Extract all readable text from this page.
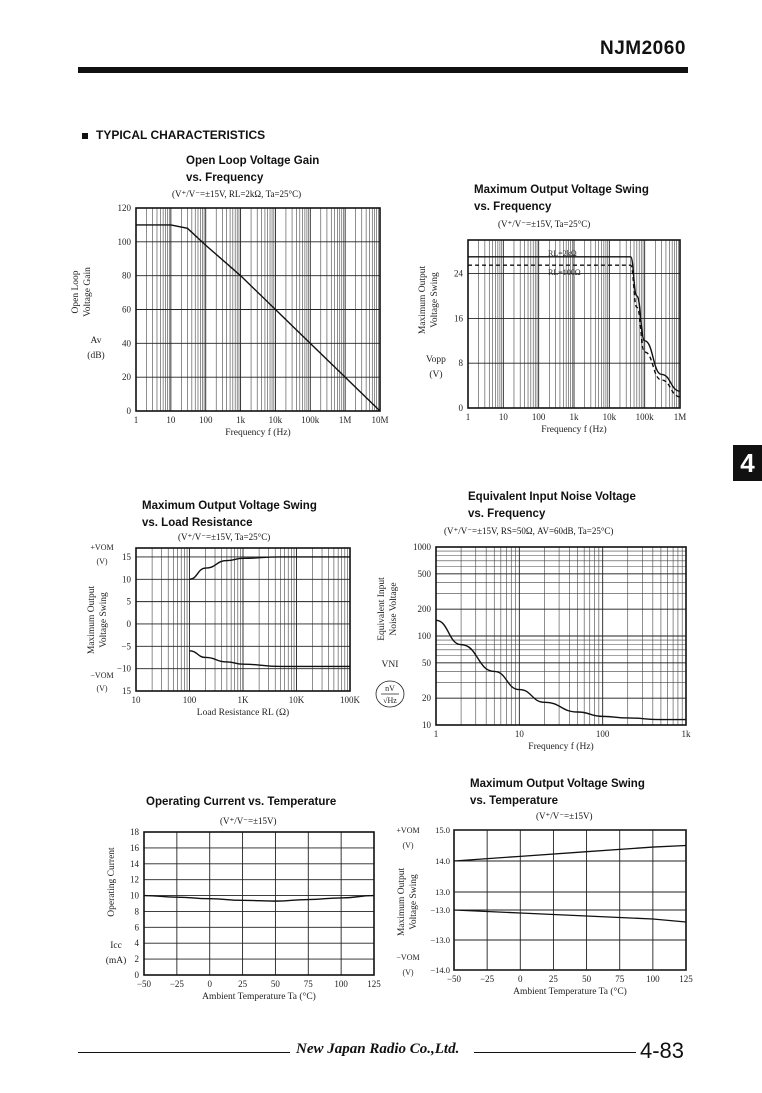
NJM2060
TYPICAL CHARACTERISTICS
4
Open Loop Voltage Gain
vs. Frequency
(V⁺/V⁻=±15V, RL=2kΩ, Ta=25°C)	Maximum Output Voltage Swing
vs. Frequency
(V⁺/V⁻=±15V, Ta=25°C)
Maximum Output Voltage Swing
vs. Load Resistance
(V⁺/V⁻=±15V, Ta=25°C)
Equivalent Input Noise Voltage
vs. Frequency
(V⁺/V⁻=±15V, RS=50Ω, AV=60dB, Ta=25°C)
Operating Current vs. Temperature
(V⁺/V⁻=±15V)
Maximum Output Voltage Swing
vs. Temperature
(V⁺/V⁻=±15V)
1	10	100	1k	10k 100k 1M 10M
0
20
40
60
80
100
120
Frequency f (Hz)
Open Loop Voltage Gain
Av
(dB)
1	10	100	1k	10k 100k 1M
0
8
16
24
Frequency f (Hz)
Maximum Output Voltage Swing
Vopp
(V)
RL=2kΩ
RL=100Ω
10	100	1K	10K	100K
15
10
5
0
−5
−10
15
Load Resistance RL (Ω)
+VOM
(V)
Maximum Output Voltage Swing
−VOM
(V)
1	10	100	1k
10
20
50
100
200
500
1000
Frequency f (Hz)
Equivalent Input Noise Voltage
VNI
nV
√Hz
−50 −25	0	25	50	75 100 125
0
2
4
6
8
10
12
14
16
18
Ambient Temperature Ta (°C)
Operating Current
Icc
(mA)
−50 −25	0	25	50	75 100 125
Ambient Temperature Ta (°C)
+VOM
(V)
Maximum Output Voltage Swing
−VOM
(V)
15.0
14.0
13.0
−13.0
−13.0
−14.0
New Japan Radio Co.,Ltd.	4-83
